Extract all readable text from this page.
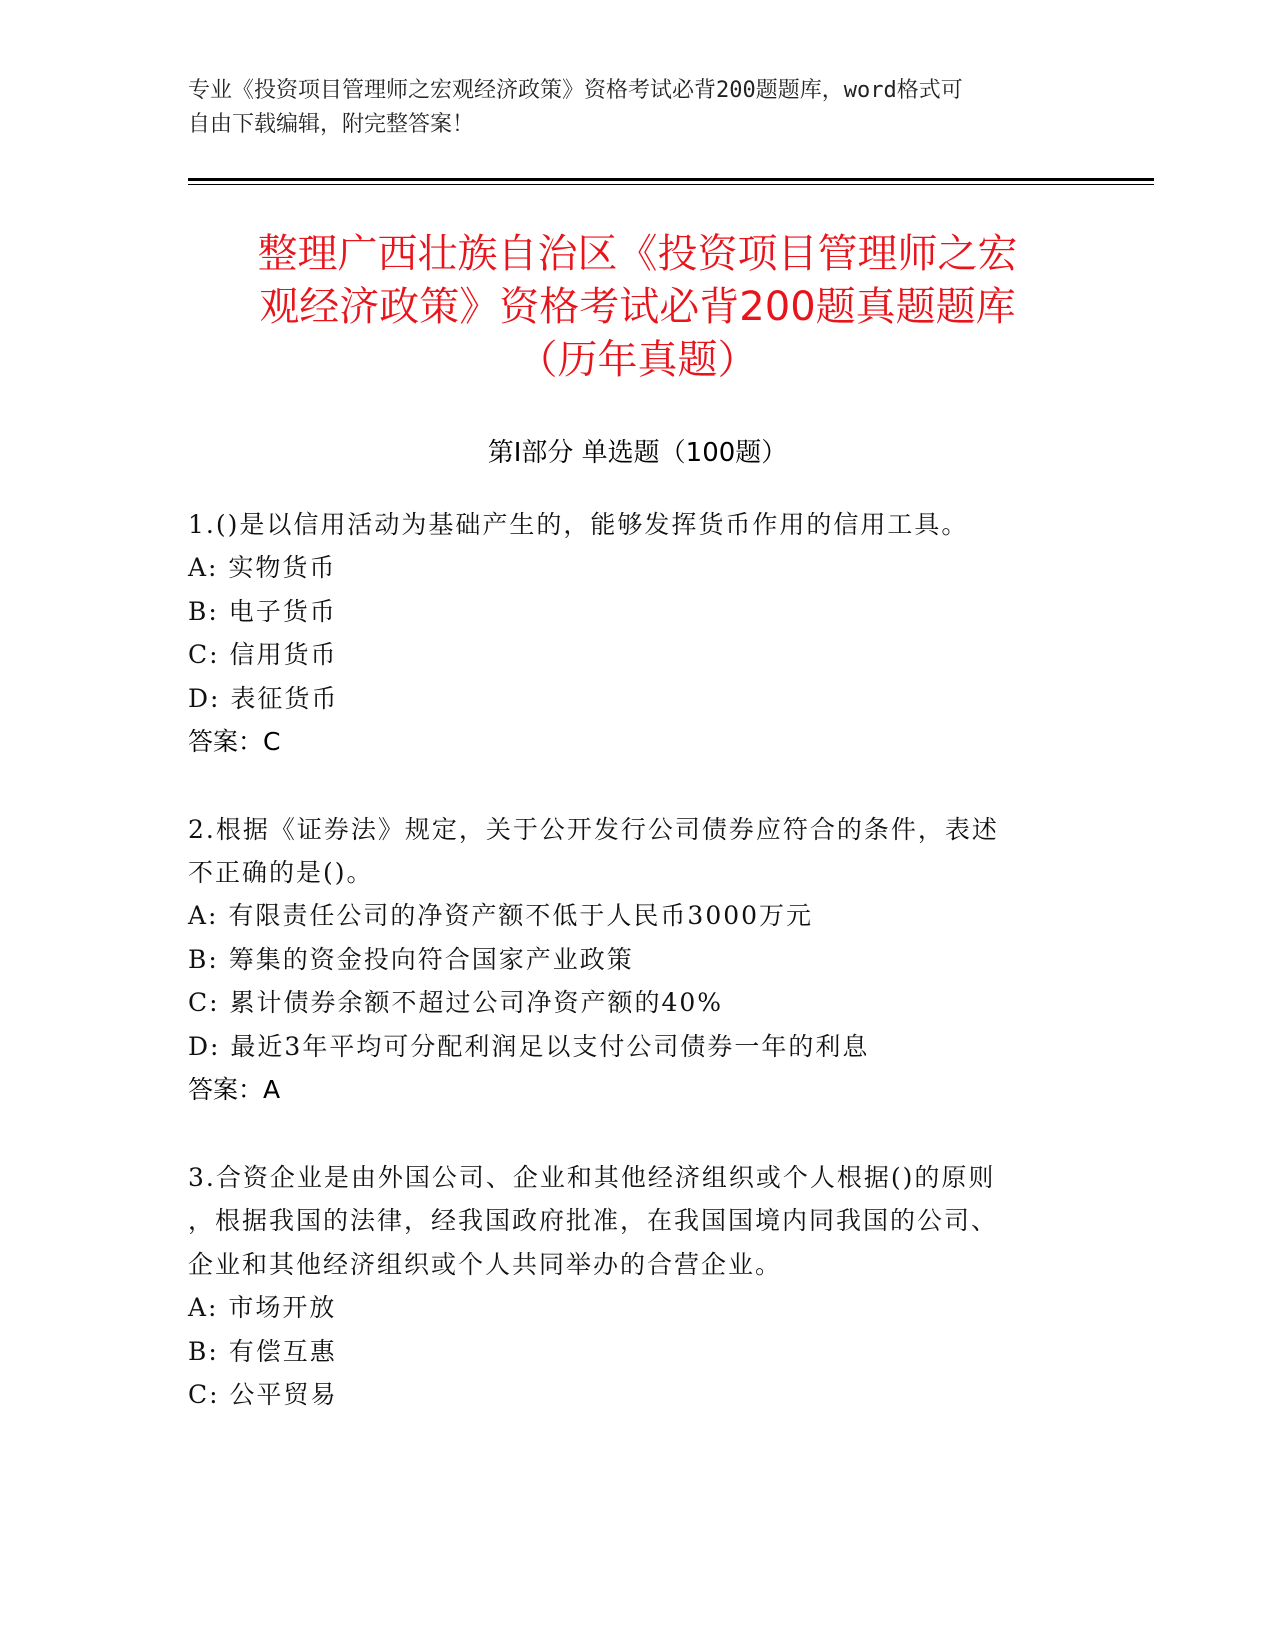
专业《投资项目管理师之宏观经济政策》资格考试必背200题题库，word格式可
自由下载编辑，附完整答案！
整理广西壮族自治区《投资项目管理师之宏
观经济政策》资格考试必背200题真题题库
（历年真题）
第Ⅰ部分 单选题（100题）
1.()是以信用活动为基础产生的，能够发挥货币作用的信用工具。
A: 实物货币
B: 电子货币
C: 信用货币
D: 表征货币
答案：C
2.根据《证券法》规定，关于公开发行公司债券应符合的条件，表述
不正确的是()。
A: 有限责任公司的净资产额不低于人民币3000万元
B: 筹集的资金投向符合国家产业政策
C: 累计债券余额不超过公司净资产额的40%
D: 最近3年平均可分配利润足以支付公司债券一年的利息
答案：A
3.合资企业是由外国公司、企业和其他经济组织或个人根据()的原则
，根据我国的法律，经我国政府批准，在我国国境内同我国的公司、
企业和其他经济组织或个人共同举办的合营企业。
A: 市场开放
B: 有偿互惠
C: 公平贸易
